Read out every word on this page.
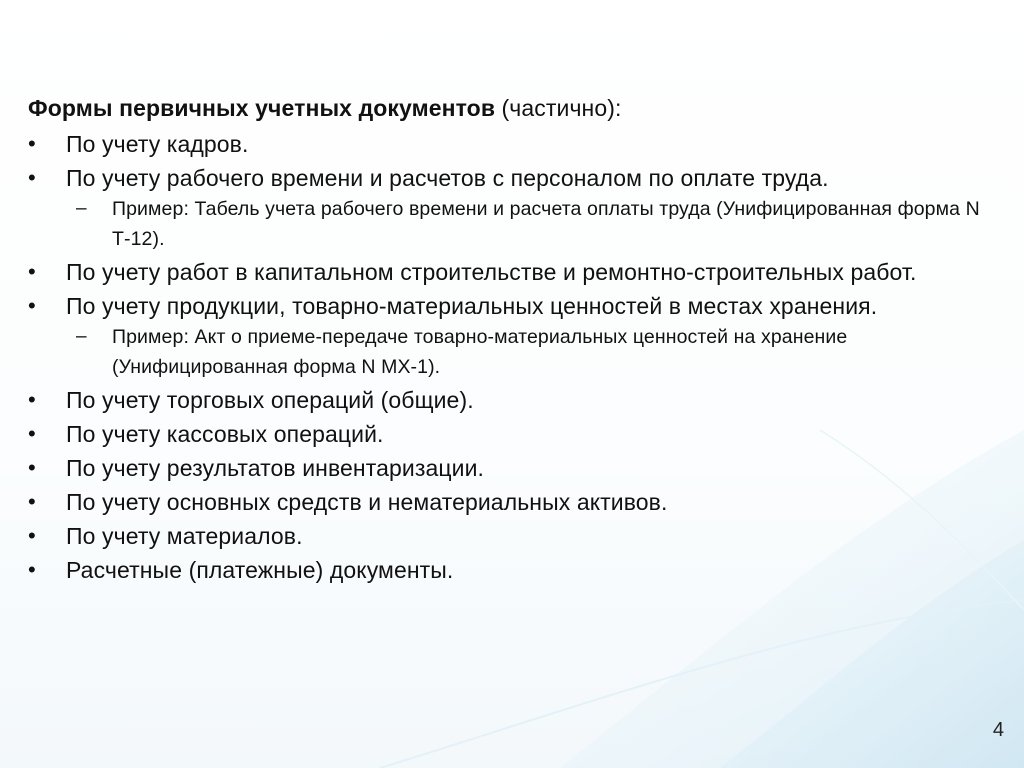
Формы первичных учетных документов (частично):
•	По учету кадров.
•	По учету рабочего времени и расчетов с персоналом по оплате труда.
– Пример: Табель учета рабочего времени и расчета оплаты труда (Унифицированная форма N Т-12).
•	По учету работ в капитальном строительстве и ремонтно-строительных работ.
•	По учету продукции, товарно-материальных ценностей в местах хранения.
– Пример: Акт о приеме-передаче товарно-материальных ценностей на хранение (Унифицированная форма N МХ-1).
•	По учету торговых операций (общие).
•	По учету кассовых операций.
•	По учету результатов инвентаризации.
•	По учету основных средств и нематериальных активов.
•	По учету материалов.
•	Расчетные (платежные) документы.
4
